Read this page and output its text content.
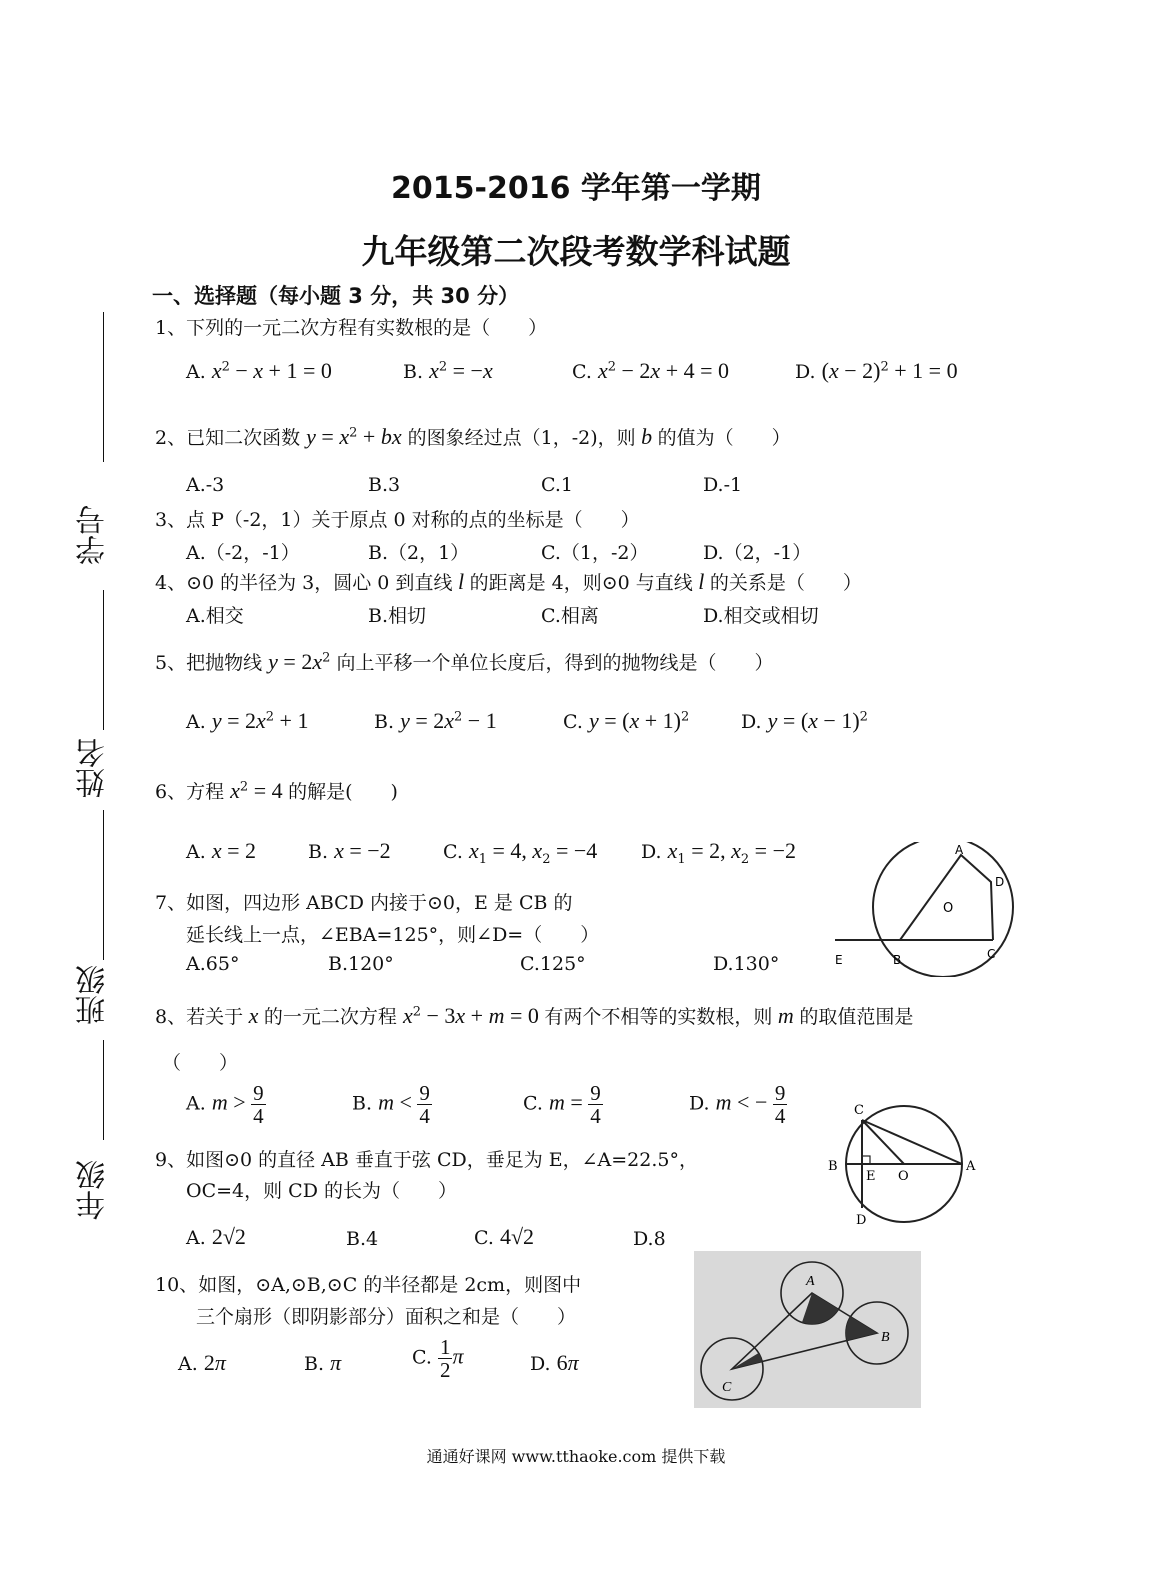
2015-2016 学年第一学期
九年级第二次段考数学科试题
一、选择题（每小题 3 分，共 30 分）
学号
姓名
班级
年级
1、下列的一元二次方程有实数根的是（　　）
A. $x^2 - x + 1 = 0$	B. $x^2 = -x$	C. $x^2 - 2x + 4 = 0$	D. $(x - 2)^2 + 1 = 0$
2、已知二次函数 $y = x^2$ + bx 的图象经过点（1，-2)，则 b 的值为（　　）
A.-3	B.3	C.1	D.-1
3、点 P（-2，1）关于原点 0 对称的点的坐标是（　　）
A.（-2，-1）	B.（2，1）	C.（1，-2）	D.（2，-1）
4、⊙0 的半径为 3，圆心 0 到直线 l 的距离是 4，则⊙0 与直线 l 的关系是（　　）
A.相交	B.相切	C.相离	D.相交或相切
5、把抛物线 $y = 2x^2$ 向上平移一个单位长度后，得到的抛物线是（　　）
A. $y = 2x^2 + 1$	B. $y = 2x^2 - 1$	C. $y = (x + 1)^2$	D. $y = (x - 1)^2$
6、方程 $x^2 = 4$ 的解是(　　)
A. x = 2	B. x = −2	C. $x_1 = 4$, $x_2 = -4$ D. $x_1 = 2$, $x_2 = -2$
7、如图，四边形 ABCD 内接于⊙0，E 是 CB 的
延长线上一点，∠EBA=125°，则∠D=（　　）
A.65°	B.120°	C.125°	D.130°
A
D
O
E	B	C
8、若关于 x 的一元二次方程 $x^2 - 3x + m = 0$ 有两个不相等的实数根，则 m 的取值范围是
（　　）
A. $m > \frac{9}{4}$	B. $m < \frac{9}{4}$	C. $m = \frac{9}{4}$	D. m < − $\frac{9}{4}$	C
B
E O
A
D
9、如图⊙0 的直径 AB 垂直于弦 CD，垂足为 E，∠A=22.5°，
OC=4，则 CD 的长为（　　）
A. 2√2	B.4	C. 4√2	D.8
10、如图，⊙A,⊙B,⊙C 的半径都是 2cm，则图中
三个扇形（即阴影部分）面积之和是（　　）
A. 2π	B. π	C. $\frac{1}{2}$ π	D. 6π
A
B
C
通通好课网 www.tthaoke.com 提供下载
